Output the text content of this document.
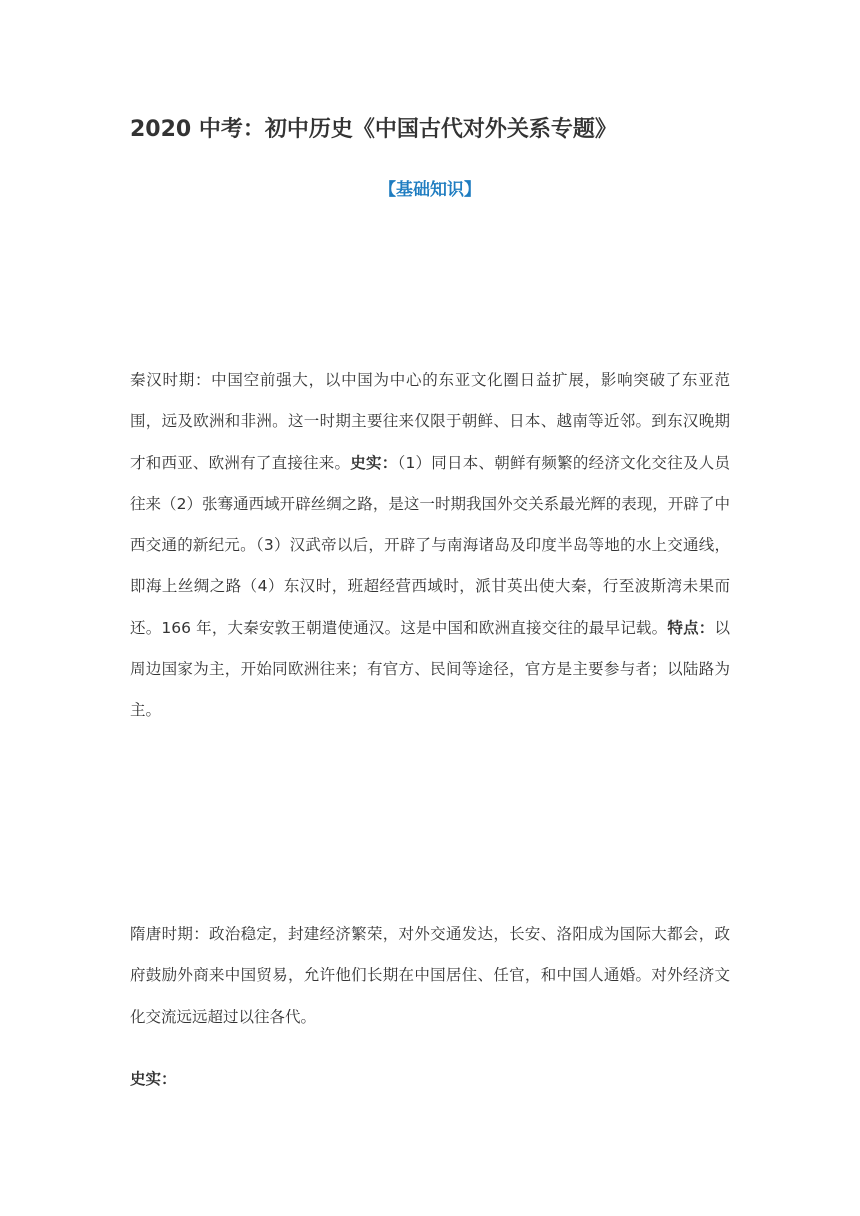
2020 中考：初中历史《中国古代对外关系专题》
【基础知识】

秦汉时期：中国空前强大，以中国为中心的东亚文化圈日益扩展，影响突破了东亚范围，远及欧洲和非洲。这一时期主要往来仅限于朝鲜、日本、越南等近邻。到东汉晚期才和西亚、欧洲有了直接往来。史实：（1）同日本、朝鲜有频繁的经济文化交往及人员往来（2）张骞通西域开辟丝绸之路，是这一时期我国外交关系最光辉的表现，开辟了中西交通的新纪元。（3）汉武帝以后，开辟了与南海诸岛及印度半岛等地的水上交通线，即海上丝绸之路（4）东汉时，班超经营西域时，派甘英出使大秦，行至波斯湾未果而还。166 年，大秦安敦王朝遣使通汉。这是中国和欧洲直接交往的最早记载。特点：以周边国家为主，开始同欧洲往来；有官方、民间等途径，官方是主要参与者；以陆路为主。

隋唐时期：政治稳定，封建经济繁荣，对外交通发达，长安、洛阳成为国际大都会，政府鼓励外商来中国贸易，允许他们长期在中国居住、任官，和中国人通婚。对外经济文化交流远远超过以往各代。

史实：
